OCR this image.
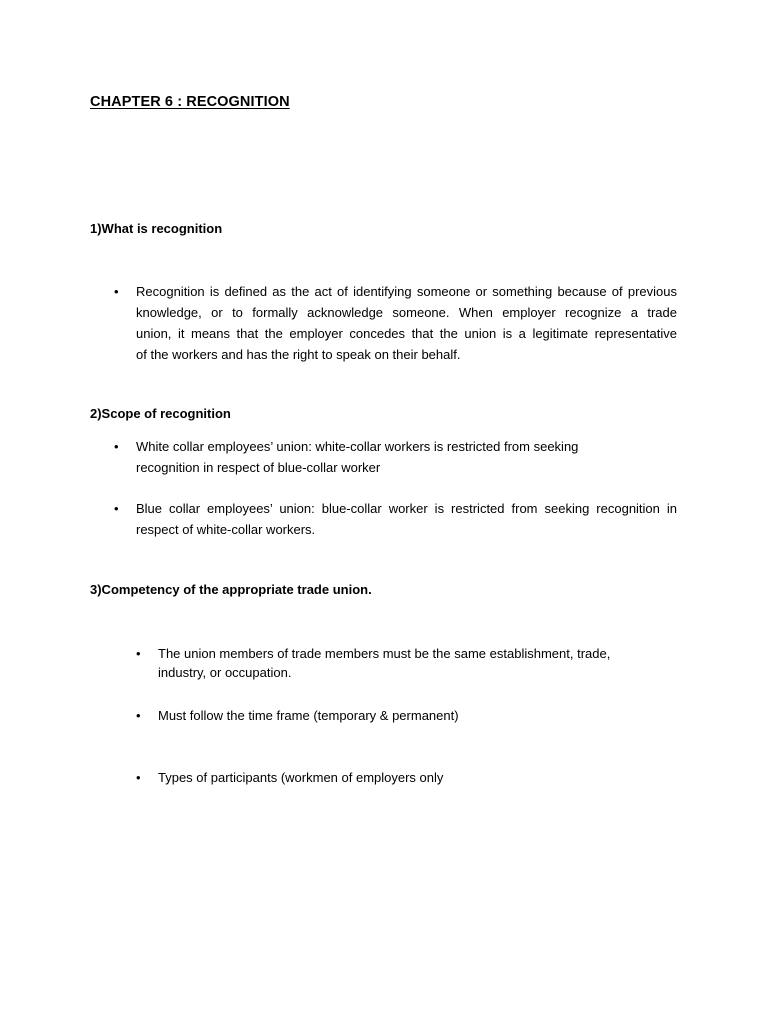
CHAPTER 6 : RECOGNITION
1)What is recognition
• Recognition is defined as the act of identifying someone or something because of previous
knowledge, or to formally acknowledge someone. When employer recognize a trade
union, it means that the employer concedes that the union is a legitimate representative
of the workers and has the right to speak on their behalf.
2)Scope of recognition
• White collar employees’ union: white-collar workers is restricted from seeking
recognition in respect of blue-collar worker
• Blue collar employees’ union: blue-collar worker is restricted from seeking recognition in
respect of white-collar workers.
3)Competency of the appropriate trade union.
• The union members of trade members must be the same establishment, trade,
industry, or occupation.
• Must follow the time frame (temporary & permanent)
• Types of participants (workmen of employers only
